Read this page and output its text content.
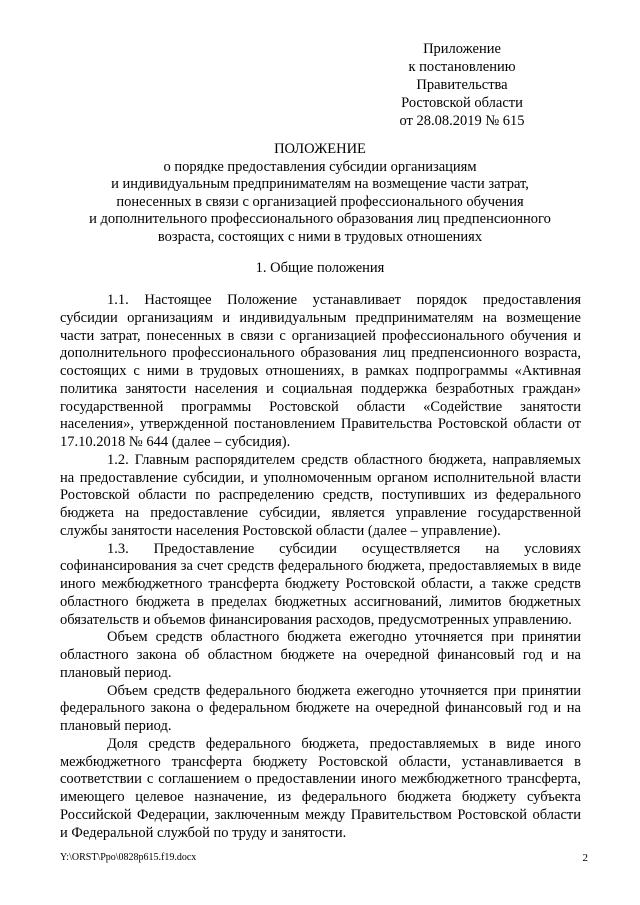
Приложение
к постановлению
Правительства
Ростовской области
от 28.08.2019 № 615
ПОЛОЖЕНИЕ
о порядке предоставления субсидии организациям
и индивидуальным предпринимателям на возмещение части затрат,
понесенных в связи с организацией профессионального обучения
и дополнительного профессионального образования лиц предпенсионного
возраста, состоящих с ними в трудовых отношениях
1. Общие положения

1.1. Настоящее Положение устанавливает порядок предоставления субсидии организациям и индивидуальным предпринимателям на возмещение части затрат, понесенных в связи с организацией профессионального обучения и дополнительного профессионального образования лиц предпенсионного возраста, состоящих с ними в трудовых отношениях, в рамках подпрограммы «Активная политика занятости населения и социальная поддержка безработных граждан» государственной программы Ростовской области «Содействие занятости населения», утвержденной постановлением Правительства Ростовской области от 17.10.2018 № 644 (далее – субсидия).

1.2. Главным распорядителем средств областного бюджета, направляемых на предоставление субсидии, и уполномоченным органом исполнительной власти Ростовской области по распределению средств, поступивших из федерального бюджета на предоставление субсидии, является управление государственной службы занятости населения Ростовской области (далее – управление).

1.3. Предоставление субсидии осуществляется на условиях софинансирования за счет средств федерального бюджета, предоставляемых в виде иного межбюджетного трансферта бюджету Ростовской области, а также средств областного бюджета в пределах бюджетных ассигнований, лимитов бюджетных обязательств и объемов финансирования расходов, предусмотренных управлению.

Объем средств областного бюджета ежегодно уточняется при принятии областного закона об областном бюджете на очередной финансовый год и на плановый период.

Объем средств федерального бюджета ежегодно уточняется при принятии федерального закона о федеральном бюджете на очередной финансовый год и на плановый период.

Доля средств федерального бюджета, предоставляемых в виде иного межбюджетного трансферта бюджету Ростовской области, устанавливается в соответствии с соглашением о предоставлении иного межбюджетного трансферта, имеющего целевое назначение, из федерального бюджета бюджету субъекта Российской Федерации, заключенным между Правительством Ростовской области и Федеральной службой по труду и занятости.

Y:\ORST\Ppo\0828p615.f19.docx	2
